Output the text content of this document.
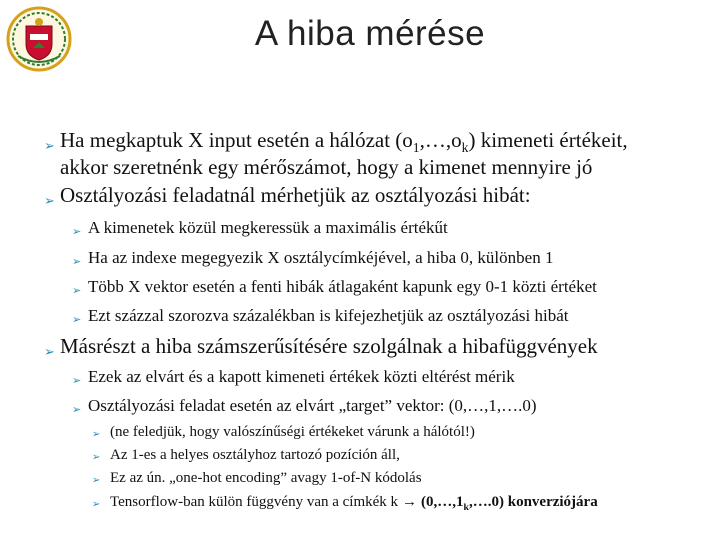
A hiba mérése
➢ Ha megkaptuk X input esetén a hálózat $(o_1,\dots,o_k)$ kimeneti értékeit,
akkor szeretnénk egy mérőszámot, hogy a kimenet mennyire jó
➢ Osztályozási feladatnál mérhetjük az osztályozási hibát:
➢ A kimenetek közül megkeressük a maximális értékűt
➢ Ha az indexe megegyezik X osztálycímkéjével, a hiba 0, különben 1
➢ Több X vektor esetén a fenti hibák átlagaként kapunk egy 0-1 közti értéket
➢ Ezt százzal szorozva százalékban is kifejezhetjük az osztályozási hibát
➢ Másrészt a hiba számszerűsítésére szolgálnak a hibafüggvények
➢ Ezek az elvárt és a kapott kimeneti értékek közti eltérést mérik
➢ Osztályozási feladat esetén az elvárt „target” vektor: (0,…,1,….0)
➢ (ne feledjük, hogy valószínűségi értékeket várunk a hálótól!)
➢ Az 1-es a helyes osztályhoz tartozó pozíción áll,
➢ Ez az ún. „one-hot encoding” avagy 1-of-N kódolás
➢ Tensorflow-ban külön függvény van a címkék $k \to (0,\dots,1_k,\dots.0)$ konverziójára
